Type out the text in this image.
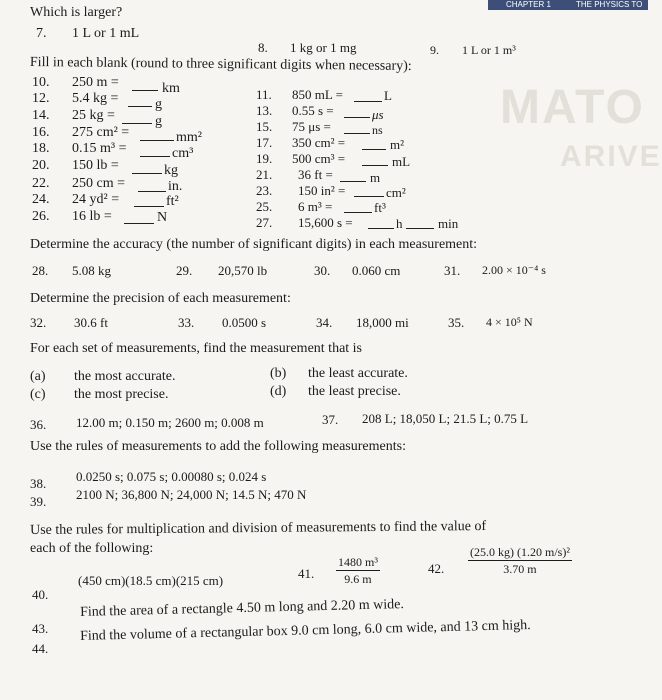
CHAPTER 1	THE PHYSICS TO
MATO
ARIVE
Which is larger?
7. 1 L or 1 mL
8. 1 kg or 1 mg	9. 1 L or 1 m³
Fill in each blank (round to three significant digits when necessary):
10. 250 m =	km
12. 5.4 kg =	g
14. 25 kg =	g
16. 275 cm² =	mm²
18. 0.15 m³ =	cm³
20. 150 lb =	kg
22. 250 cm =	in.
24. 24 yd² =	ft²
26. 16 lb =	N
11. 850 mL =	L
13. 0.55 s =	μs
15. 75 μs =	ns
17. 350 cm² =	m²
19. 500 cm³ =	mL
21. 36 ft =	m
23. 150 in² =	cm²
25. 6 m³ =	ft³
27. 15,600 s =	h	min
Determine the accuracy (the number of significant digits) in each measurement:
28. 5.08 kg	29. 20,570 lb	30. 0.060 cm	31. 2.00 × 10⁻⁴ s
Determine the precision of each measurement:
32. 30.6 ft	33. 0.0500 s	34. 18,000 mi	35. 4 × 10⁵ N
For each set of measurements, find the measurement that is
(a) the most accurate.	(b) the least accurate.
(c) the most precise.	(d) the least precise.
36. 12.00 m; 0.150 m; 2600 m; 0.008 m	37. 208 L; 18,050 L; 21.5 L; 0.75 L
Use the rules of measurements to add the following measurements:
38. 0.0250 s; 0.075 s; 0.00080 s; 0.024 s
39. 2100 N; 36,800 N; 24,000 N; 14.5 N; 470 N
Use the rules for multiplication and division of measurements to find the value of
each of the following:
40.
(450 cm)(18.5 cm)(215 cm)	41. $\frac{\text{1480 m³}}{9.6 m}$	42. $\frac{\text{(25.0 kg) (1.20 m/s)²}}{3.70 m}$
43.
Find the area of a rectangle 4.50 m long and 2.20 m wide.
44.
Find the volume of a rectangular box 9.0 cm long, 6.0 cm wide, and 13 cm high.
